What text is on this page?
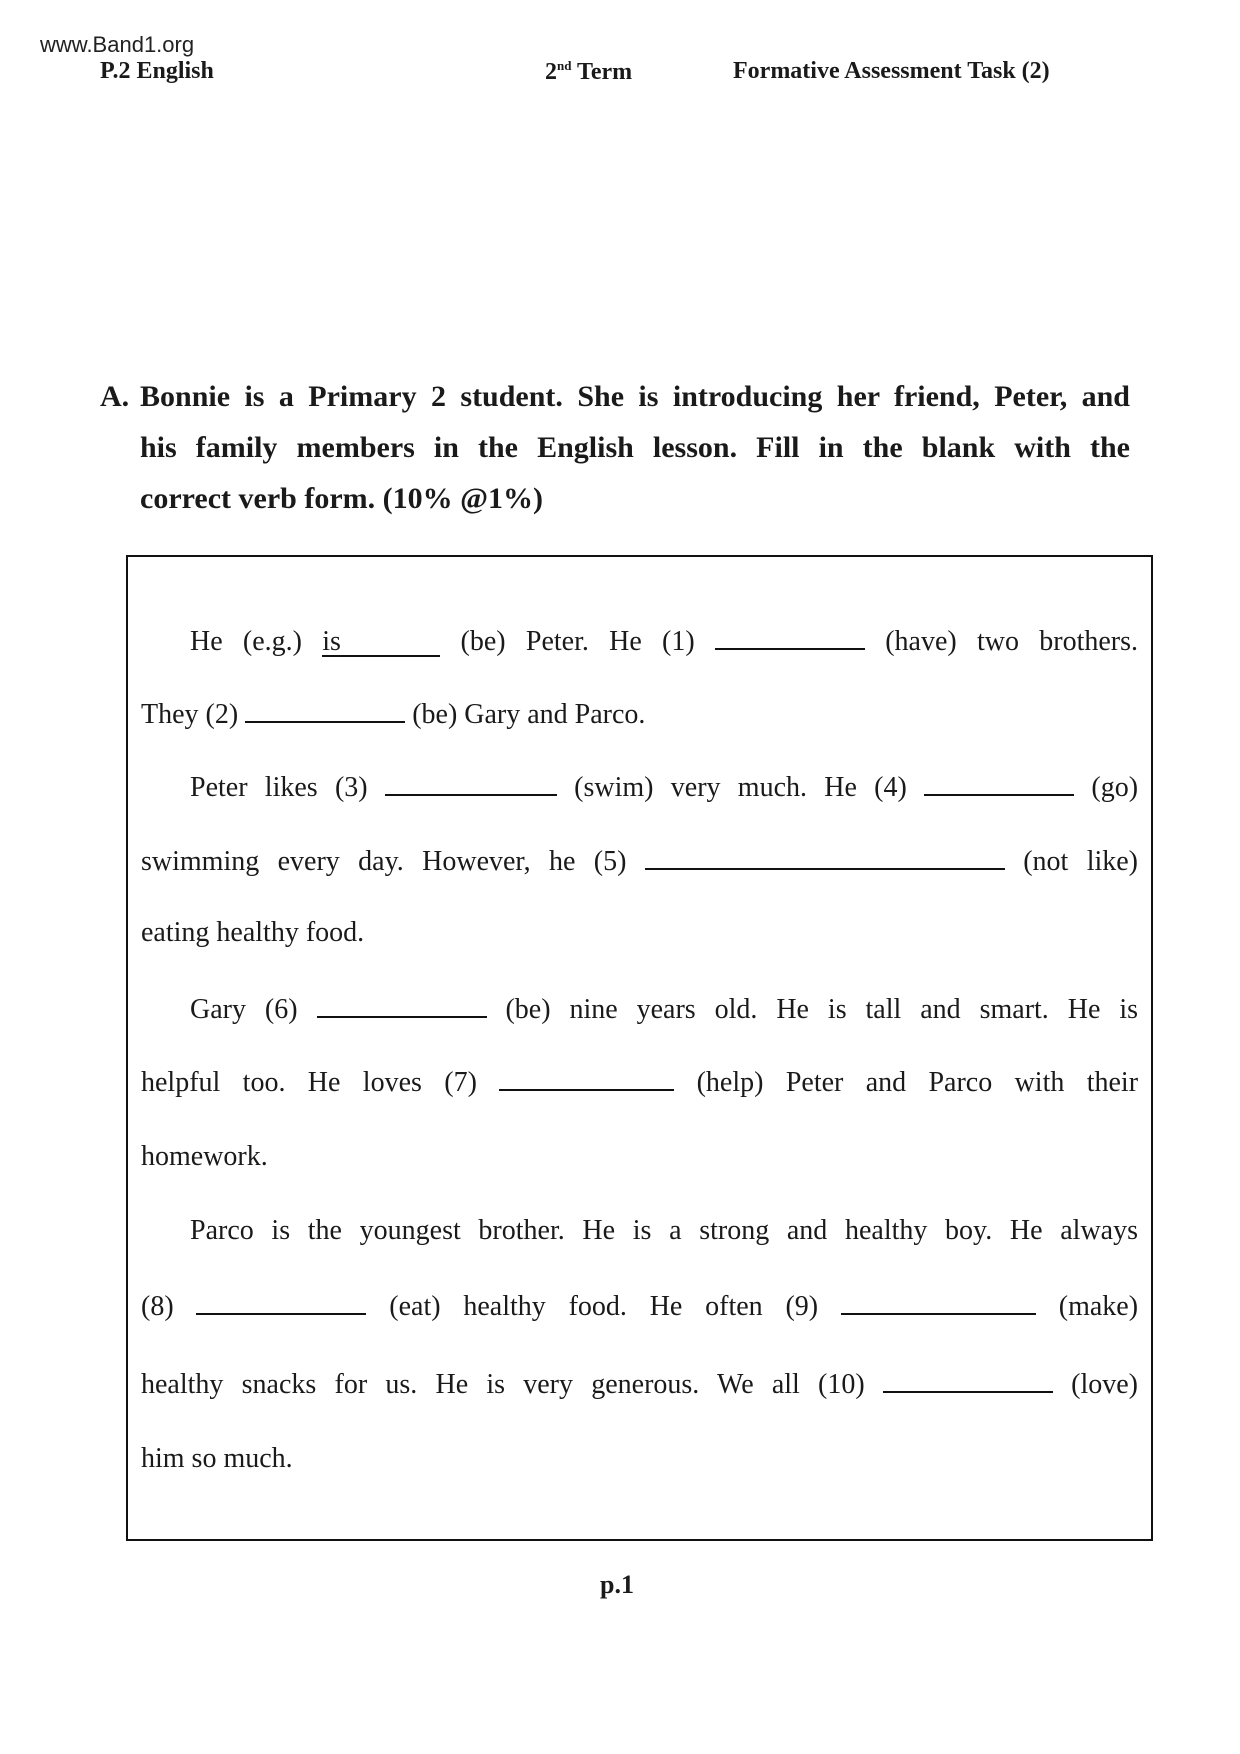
www.Band1.org
P.2 English	2nd Term	Formative Assessment Task (2)
A. Bonnie is a Primary 2 student. She is introducing her friend, Peter, and
his family members in the English lesson. Fill in the blank with the
correct verb form. (10% @1%)
He (e.g.) is	(be) Peter. He (1)	(have) two brothers.
They (2)	(be) Gary and Parco.
Peter likes (3)	(swim) very much. He (4)	(go)
swimming every day. However, he (5)	(not like)
eating healthy food.
Gary (6)	(be) nine years old. He is tall and smart. He is
helpful too. He loves (7)	(help) Peter and Parco with their
homework.
Parco is the youngest brother. He is a strong and healthy boy. He always
(8)	(eat) healthy food. He often (9)	(make)
healthy snacks for us. He is very generous. We all (10)	(love)
him so much.
p.1
